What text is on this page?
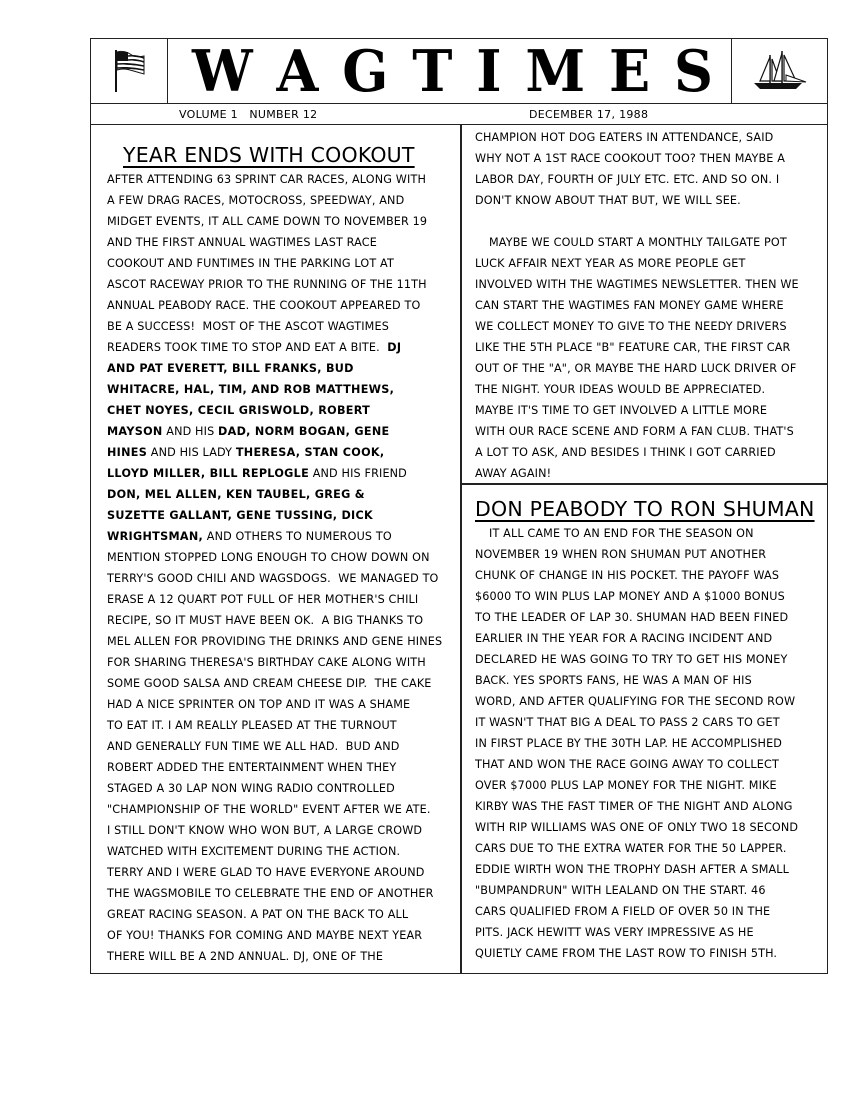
W A G T I M E S
VOLUME 1   NUMBER 12	DECEMBER 17, 1988
YEAR ENDS WITH COOKOUT
AFTER ATTENDING 63 SPRINT CAR RACES, ALONG WITH
A FEW DRAG RACES, MOTOCROSS, SPEEDWAY, AND
MIDGET EVENTS, IT ALL CAME DOWN TO NOVEMBER 19
AND THE FIRST ANNUAL WAGTIMES LAST RACE
COOKOUT AND FUNTIMES IN THE PARKING LOT AT
ASCOT RACEWAY PRIOR TO THE RUNNING OF THE 11TH
ANNUAL PEABODY RACE. THE COOKOUT APPEARED TO
BE A SUCCESS!  MOST OF THE ASCOT WAGTIMES
READERS TOOK TIME TO STOP AND EAT A BITE.  DJ
AND PAT EVERETT, BILL FRANKS, BUD
WHITACRE, HAL, TIM, AND ROB MATTHEWS,
CHET NOYES, CECIL GRISWOLD, ROBERT
MAYSON AND HIS DAD, NORM BOGAN, GENE
HINES AND HIS LADY THERESA, STAN COOK,
LLOYD MILLER, BILL REPLOGLE AND HIS FRIEND
DON, MEL ALLEN, KEN TAUBEL, GREG &
SUZETTE GALLANT, GENE TUSSING, DICK
WRIGHTSMAN, AND OTHERS TO NUMEROUS TO
MENTION STOPPED LONG ENOUGH TO CHOW DOWN ON
TERRY'S GOOD CHILI AND WAGSDOGS.  WE MANAGED TO
ERASE A 12 QUART POT FULL OF HER MOTHER'S CHILI
RECIPE, SO IT MUST HAVE BEEN OK.  A BIG THANKS TO
MEL ALLEN FOR PROVIDING THE DRINKS AND GENE HINES
FOR SHARING THERESA'S BIRTHDAY CAKE ALONG WITH
SOME GOOD SALSA AND CREAM CHEESE DIP.  THE CAKE
HAD A NICE SPRINTER ON TOP AND IT WAS A SHAME
TO EAT IT. I AM REALLY PLEASED AT THE TURNOUT
AND GENERALLY FUN TIME WE ALL HAD.  BUD AND
ROBERT ADDED THE ENTERTAINMENT WHEN THEY
STAGED A 30 LAP NON WING RADIO CONTROLLED
"CHAMPIONSHIP OF THE WORLD" EVENT AFTER WE ATE.
I STILL DON'T KNOW WHO WON BUT, A LARGE CROWD
WATCHED WITH EXCITEMENT DURING THE ACTION.
TERRY AND I WERE GLAD TO HAVE EVERYONE AROUND
THE WAGSMOBILE TO CELEBRATE THE END OF ANOTHER
GREAT RACING SEASON. A PAT ON THE BACK TO ALL
OF YOU! THANKS FOR COMING AND MAYBE NEXT YEAR
THERE WILL BE A 2ND ANNUAL. DJ, ONE OF THE
CHAMPION HOT DOG EATERS IN ATTENDANCE, SAID
WHY NOT A 1ST RACE COOKOUT TOO? THEN MAYBE A
LABOR DAY, FOURTH OF JULY ETC. ETC. AND SO ON. I
DON'T KNOW ABOUT THAT BUT, WE WILL SEE.
MAYBE WE COULD START A MONTHLY TAILGATE POT
LUCK AFFAIR NEXT YEAR AS MORE PEOPLE GET
INVOLVED WITH THE WAGTIMES NEWSLETTER. THEN WE
CAN START THE WAGTIMES FAN MONEY GAME WHERE
WE COLLECT MONEY TO GIVE TO THE NEEDY DRIVERS
LIKE THE 5TH PLACE "B" FEATURE CAR, THE FIRST CAR
OUT OF THE "A", OR MAYBE THE HARD LUCK DRIVER OF
THE NIGHT. YOUR IDEAS WOULD BE APPRECIATED.
MAYBE IT'S TIME TO GET INVOLVED A LITTLE MORE
WITH OUR RACE SCENE AND FORM A FAN CLUB. THAT'S
A LOT TO ASK, AND BESIDES I THINK I GOT CARRIED
AWAY AGAIN!
DON PEABODY TO RON SHUMAN
IT ALL CAME TO AN END FOR THE SEASON ON
NOVEMBER 19 WHEN RON SHUMAN PUT ANOTHER
CHUNK OF CHANGE IN HIS POCKET. THE PAYOFF WAS
$6000 TO WIN PLUS LAP MONEY AND A $1000 BONUS
TO THE LEADER OF LAP 30. SHUMAN HAD BEEN FINED
EARLIER IN THE YEAR FOR A RACING INCIDENT AND
DECLARED HE WAS GOING TO TRY TO GET HIS MONEY
BACK. YES SPORTS FANS, HE WAS A MAN OF HIS
WORD, AND AFTER QUALIFYING FOR THE SECOND ROW
IT WASN'T THAT BIG A DEAL TO PASS 2 CARS TO GET
IN FIRST PLACE BY THE 30TH LAP. HE ACCOMPLISHED
THAT AND WON THE RACE GOING AWAY TO COLLECT
OVER $7000 PLUS LAP MONEY FOR THE NIGHT. MIKE
KIRBY WAS THE FAST TIMER OF THE NIGHT AND ALONG
WITH RIP WILLIAMS WAS ONE OF ONLY TWO 18 SECOND
CARS DUE TO THE EXTRA WATER FOR THE 50 LAPPER.
EDDIE WIRTH WON THE TROPHY DASH AFTER A SMALL
"BUMPANDRUN" WITH LEALAND ON THE START. 46
CARS QUALIFIED FROM A FIELD OF OVER 50 IN THE
PITS. JACK HEWITT WAS VERY IMPRESSIVE AS HE
QUIETLY CAME FROM THE LAST ROW TO FINISH 5TH.
